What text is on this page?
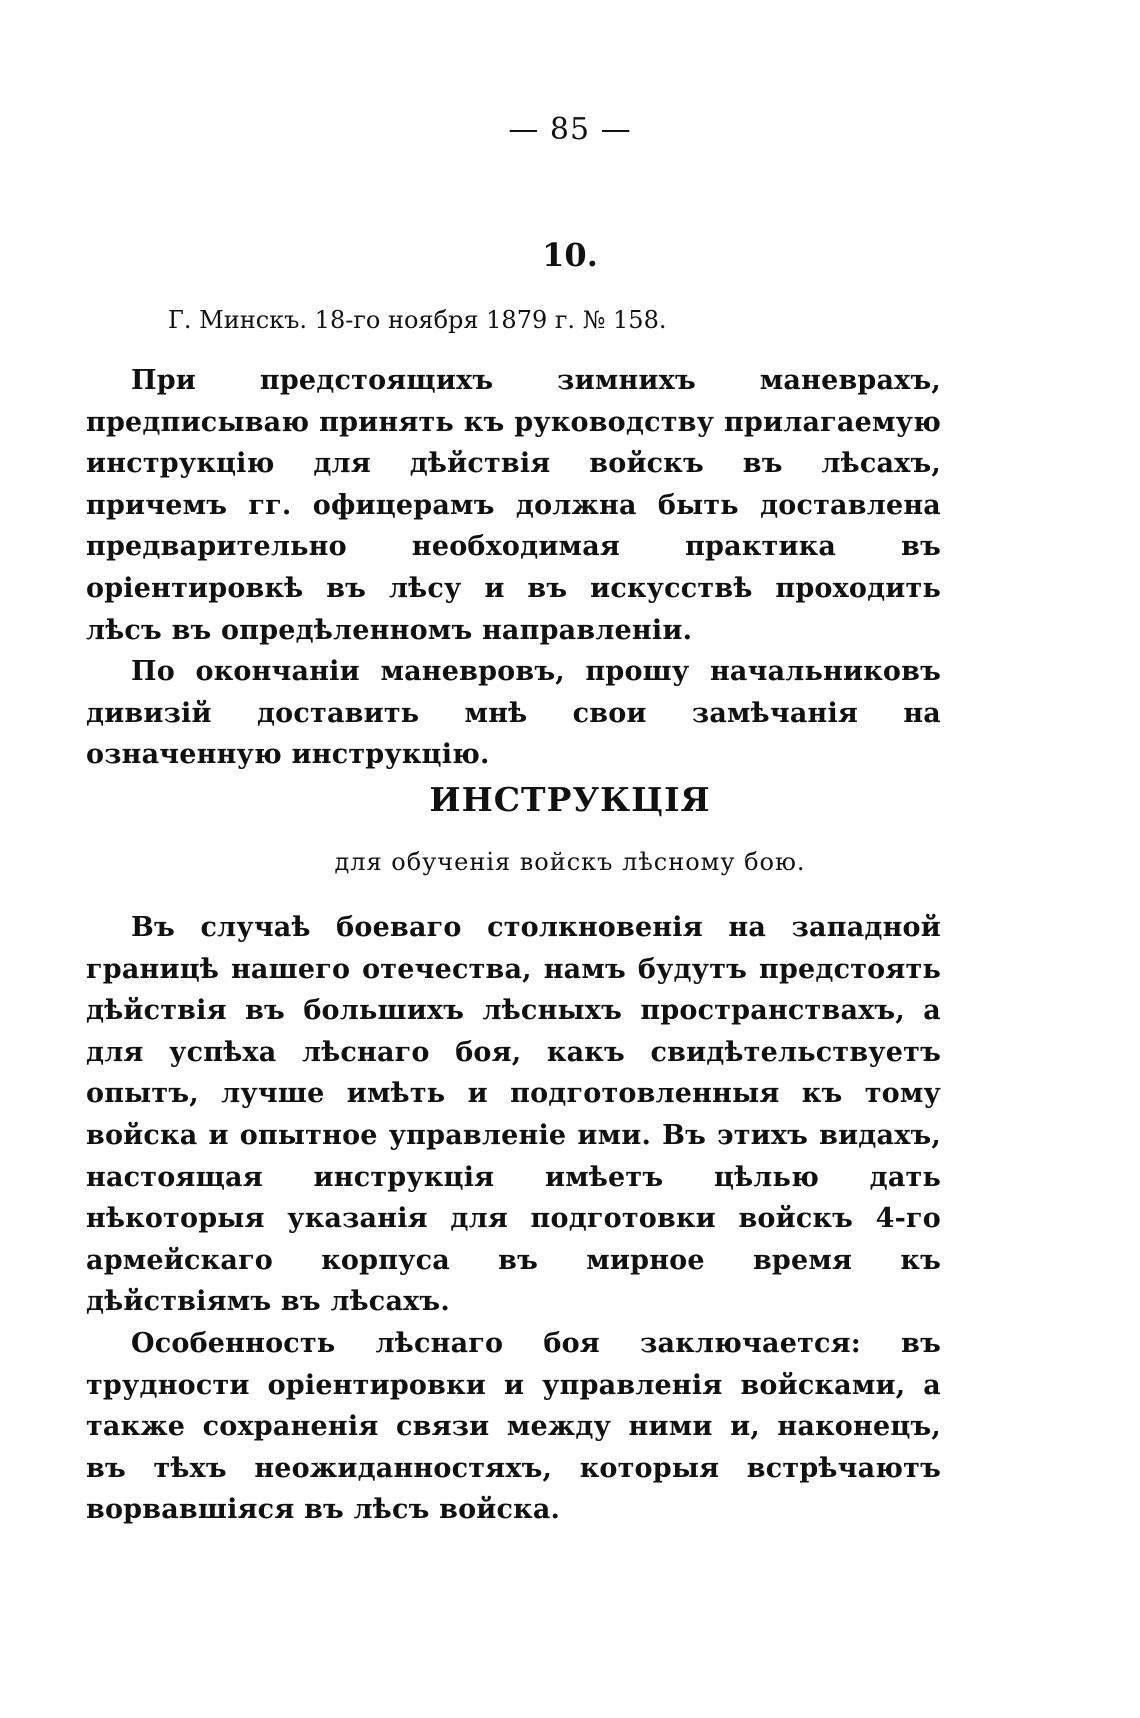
— 85 —
10.
Г. Минскъ. 18-го ноября 1879 г. № 158.

При предстоящихъ зимнихъ маневрахъ, предписываю принять къ руководству прилагаемую инструкцію для дѣйствія войскъ въ лѣсахъ, причемъ гг. офицерамъ должна быть доставлена предварительно необходимая практика въ оріентировкѣ въ лѣсу и въ искусствѣ проходить лѣсъ въ опредѣленномъ направленіи.

По окончаніи маневровъ, прошу начальниковъ дивизій доставить мнѣ свои замѣчанія на означенную инструкцію.

ИНСТРУКЦІЯ
для обученія войскъ лѣсному бою.

Въ случаѣ боеваго столкновенія на западной границѣ нашего отечества, намъ будутъ предстоять дѣйствія въ большихъ лѣсныхъ пространствахъ, а для успѣха лѣснаго боя, какъ свидѣтельствуетъ опытъ, лучше имѣть и подготовленныя къ тому войска и опытное управленіе ими. Въ этихъ видахъ, настоящая инструкція имѣетъ цѣлью дать нѣкоторыя указанія для подготовки войскъ 4-го армейскаго корпуса въ мирное время къ дѣйствіямъ въ лѣсахъ.

Особенность лѣснаго боя заключается: въ трудности оріентировки и управленія войсками, а также сохраненія связи между ними и, наконецъ, въ тѣхъ неожиданностяхъ, которыя встрѣчаютъ ворвавшіяся въ лѣсъ войска.
